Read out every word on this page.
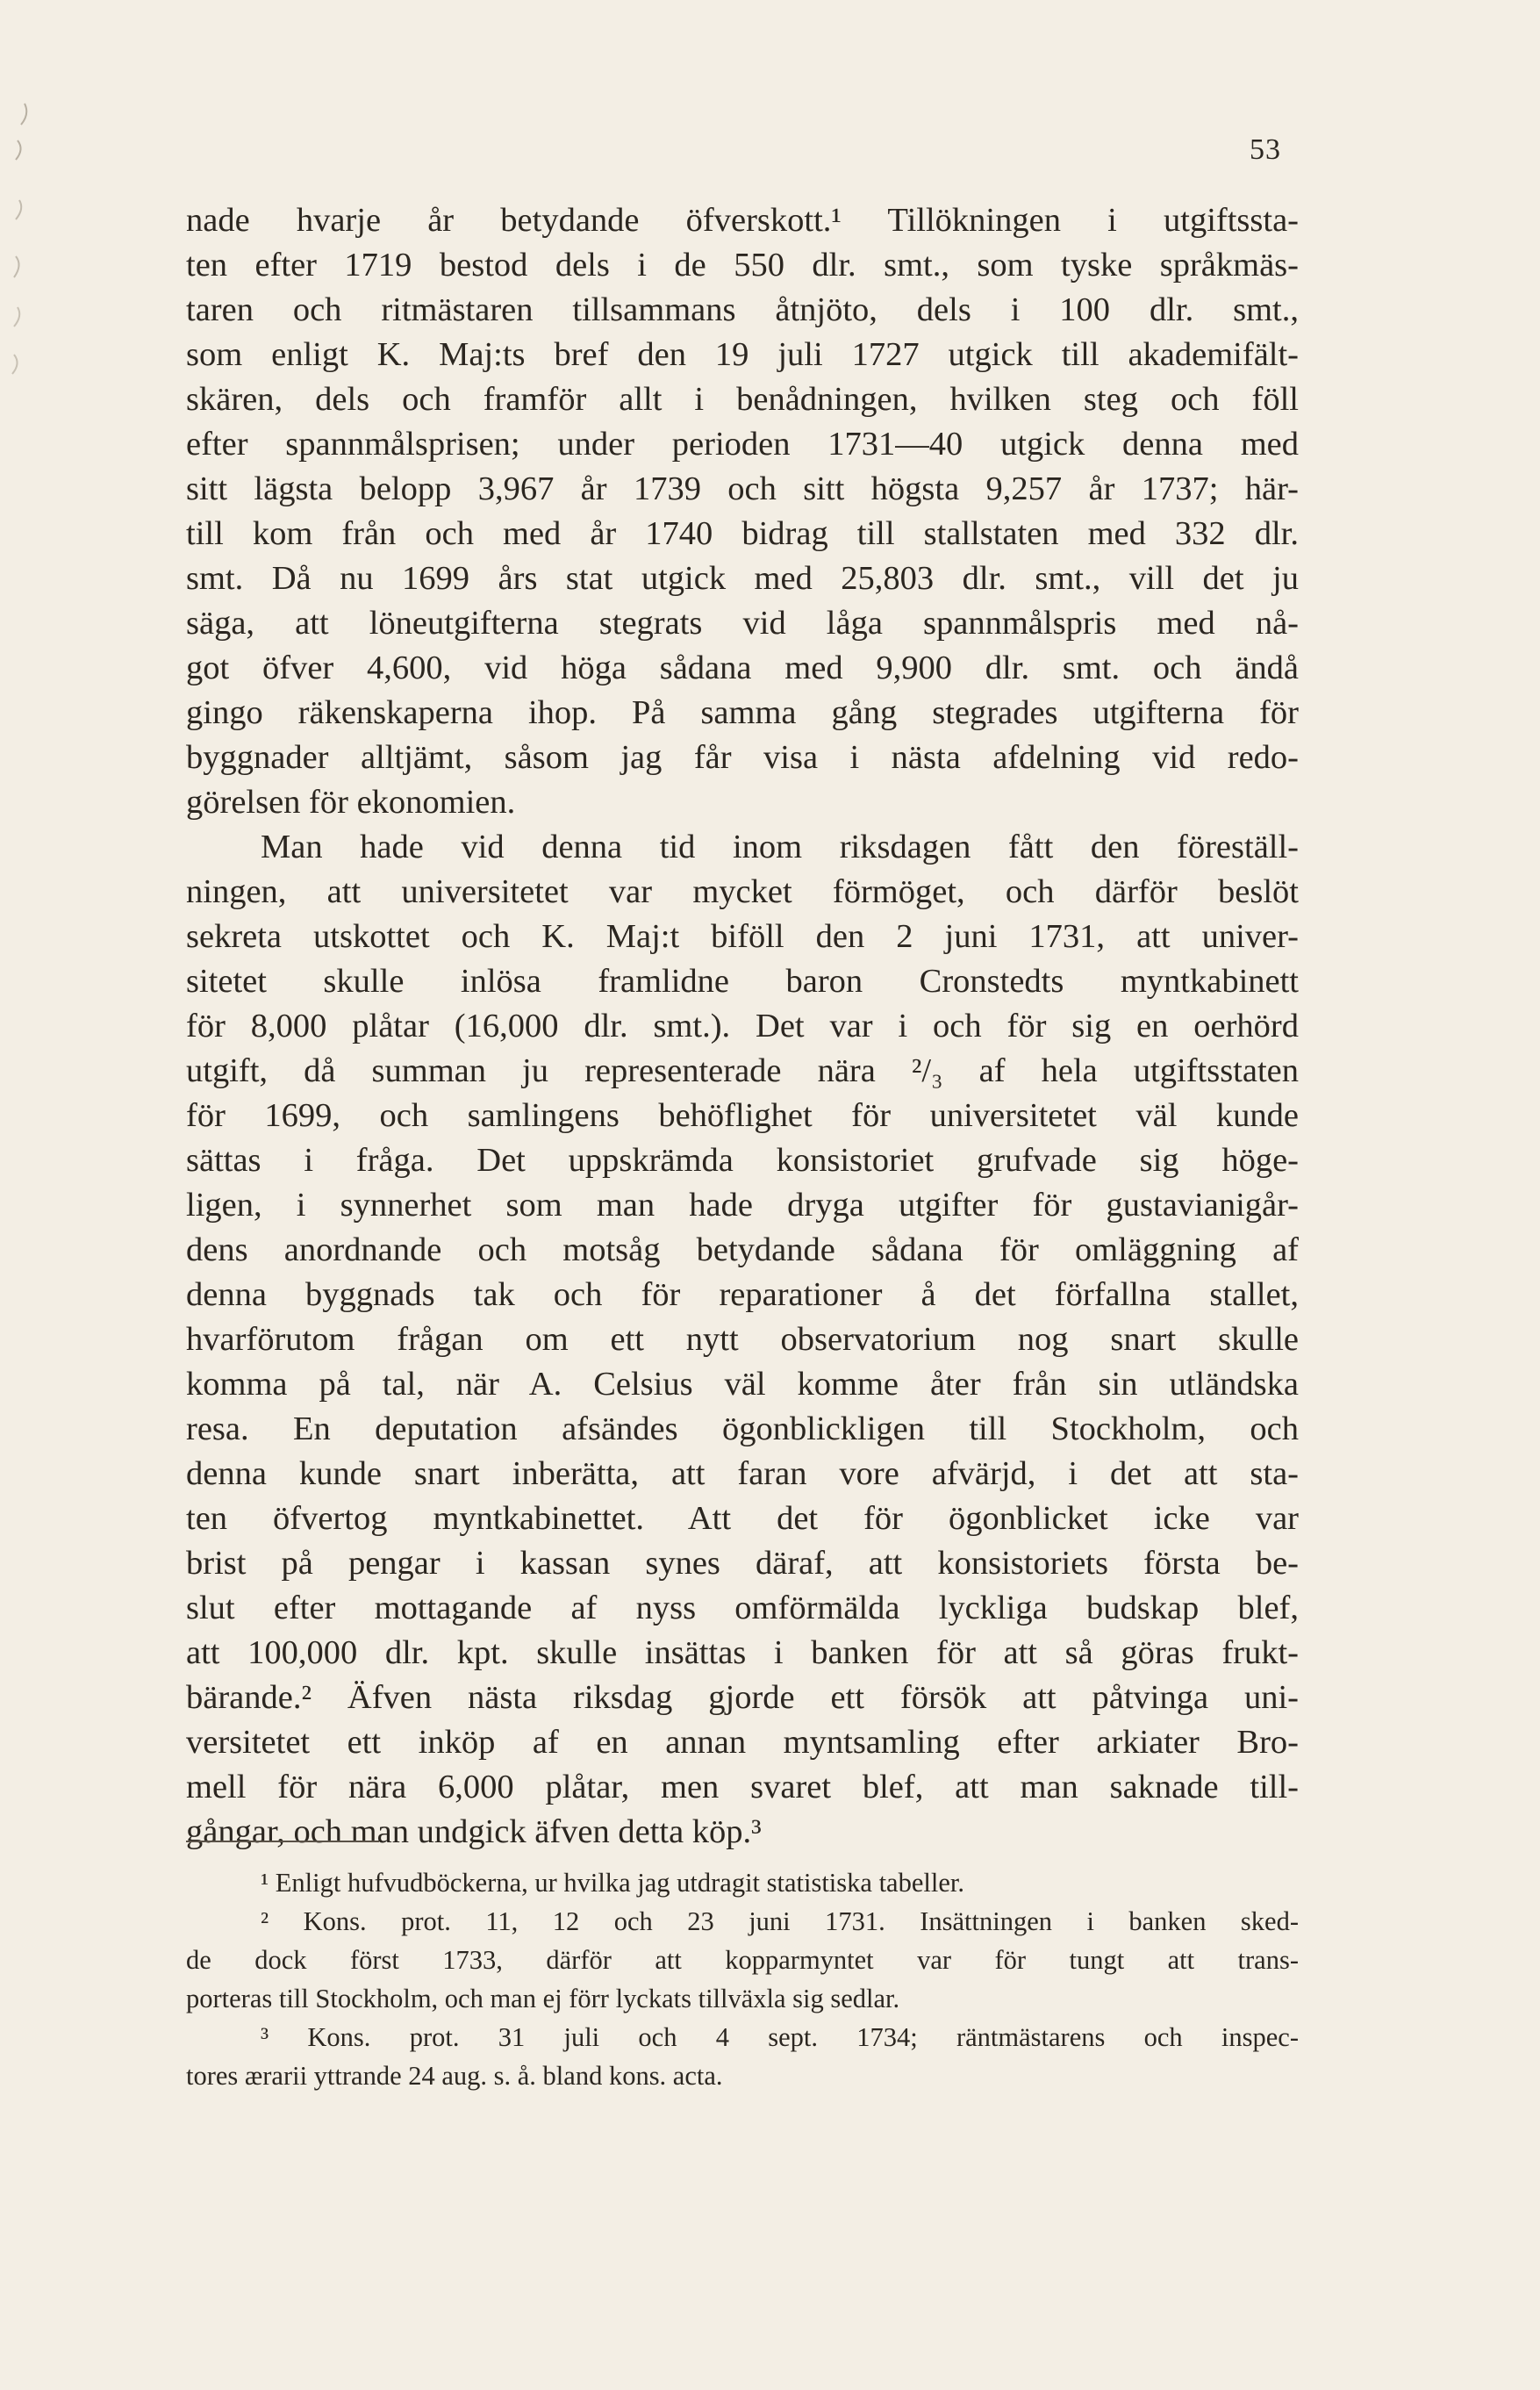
53
nade hvarje år betydande öfverskott.¹ Tillökningen i utgiftssta-
ten efter 1719 bestod dels i de 550 dlr. smt., som tyske språkmäs-
taren och ritmästaren tillsammans åtnjöto, dels i 100 dlr. smt.,
som enligt K. Maj:ts bref den 19 juli 1727 utgick till akademifält-
skären, dels och framför allt i benådningen, hvilken steg och föll
efter spannmålsprisen; under perioden 1731—40 utgick denna med
sitt lägsta belopp 3,967 år 1739 och sitt högsta 9,257 år 1737; här-
till kom från och med år 1740 bidrag till stallstaten med 332 dlr.
smt. Då nu 1699 års stat utgick med 25,803 dlr. smt., vill det ju
säga, att löneutgifterna stegrats vid låga spannmålspris med nå-
got öfver 4,600, vid höga sådana med 9,900 dlr. smt. och ändå
gingo räkenskaperna ihop. På samma gång stegrades utgifterna för
byggnader alltjämt, såsom jag får visa i nästa afdelning vid redo-
görelsen för ekonomien.
Man hade vid denna tid inom riksdagen fått den föreställ-
ningen, att universitetet var mycket förmöget, och därför beslöt
sekreta utskottet och K. Maj:t biföll den 2 juni 1731, att univer-
sitetet skulle inlösa framlidne baron Cronstedts myntkabinett
för 8,000 plåtar (16,000 dlr. smt.). Det var i och för sig en oerhörd
utgift, då summan ju representerade nära ²/₃ af hela utgiftsstaten
för 1699, och samlingens behöflighet för universitetet väl kunde
sättas i fråga. Det uppskrämda konsistoriet grufvade sig höge-
ligen, i synnerhet som man hade dryga utgifter för gustavianigår-
dens anordnande och motsåg betydande sådana för omläggning af
denna byggnads tak och för reparationer å det förfallna stallet,
hvarförutom frågan om ett nytt observatorium nog snart skulle
komma på tal, när A. Celsius väl komme åter från sin utländska
resa. En deputation afsändes ögonblickligen till Stockholm, och
denna kunde snart inberätta, att faran vore afvärjd, i det att sta-
ten öfvertog myntkabinettet. Att det för ögonblicket icke var
brist på pengar i kassan synes däraf, att konsistoriets första be-
slut efter mottagande af nyss omförmälda lyckliga budskap blef,
att 100,000 dlr. kpt. skulle insättas i banken för att så göras frukt-
bärande.² Äfven nästa riksdag gjorde ett försök att påtvinga uni-
versitetet ett inköp af en annan myntsamling efter arkiater Bro-
mell för nära 6,000 plåtar, men svaret blef, att man saknade till-
gångar, och man undgick äfven detta köp.³
¹ Enligt hufvudböckerna, ur hvilka jag utdragit statistiska tabeller.
² Kons. prot. 11, 12 och 23 juni 1731. Insättningen i banken sked-
de dock först 1733, därför att kopparmyntet var för tungt att trans-
porteras till Stockholm, och man ej förr lyckats tillväxla sig sedlar.
³ Kons. prot. 31 juli och 4 sept. 1734; räntmästarens och inspec-
tores ærarii yttrande 24 aug. s. å. bland kons. acta.
